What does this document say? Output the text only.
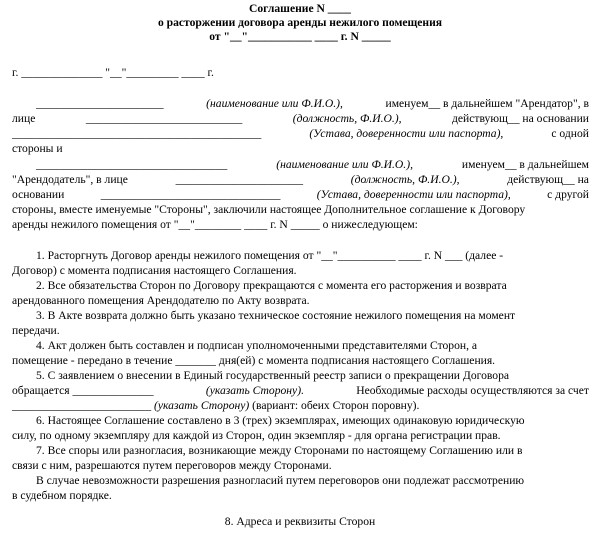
Соглашение N ____
о расторжении договора аренды нежилого помещения
от "__"___________ ____ г. N _____
г. ______________ "__"_________ ____ г.
______________________	(наименование или Ф.И.О.),	именуем__ в дальнейшем "Арендатор", в
лице	___________________________	(должность, Ф.И.О.),	действующ__ на основании
___________________________________________	(Устава, доверенности или паспорта),	с одной
стороны и
_________________________________	(наименование или Ф.И.О.),	именуем__ в дальнейшем
"Арендодатель", в лице	______________________	(должность, Ф.И.О.),	действующ__ на
основании	_______________________________	(Устава, доверенности или паспорта),	с другой
стороны, вместе именуемые "Стороны", заключили настоящее Дополнительное соглашение к Договору
аренды нежилого помещения от "__"________ ____ г. N _____ о нижеследующем:
1. Расторгнуть Договор аренды нежилого помещения от "__"__________ ____ г. N ___ (далее -
Договор) с момента подписания настоящего Соглашения.
2. Все обязательства Сторон по Договору прекращаются с момента его расторжения и возврата
арендованного помещения Арендодателю по Акту возврата.
3. В Акте возврата должно быть указано техническое состояние нежилого помещения на момент
передачи.
4. Акт должен быть составлен и подписан уполномоченными представителями Сторон, а
помещение - передано в течение _______ дня(ей) с момента подписания настоящего Соглашения.
5. С заявлением о внесении в Единый государственный реестр записи о прекращении Договора
обращается ______________	(указать Сторону).	Необходимые расходы осуществляются за счет
________________________ (указать Сторону) (вариант: обеих Сторон поровну).
6. Настоящее Соглашение составлено в 3 (трех) экземплярах, имеющих одинаковую юридическую
силу, по одному экземпляру для каждой из Сторон, один экземпляр - для органа регистрации прав.
7. Все споры или разногласия, возникающие между Сторонами по настоящему Соглашению или в
связи с ним, разрешаются путем переговоров между Сторонами.
В случае невозможности разрешения разногласий путем переговоров они подлежат рассмотрению
в судебном порядке.
8. Адреса и реквизиты Сторон
